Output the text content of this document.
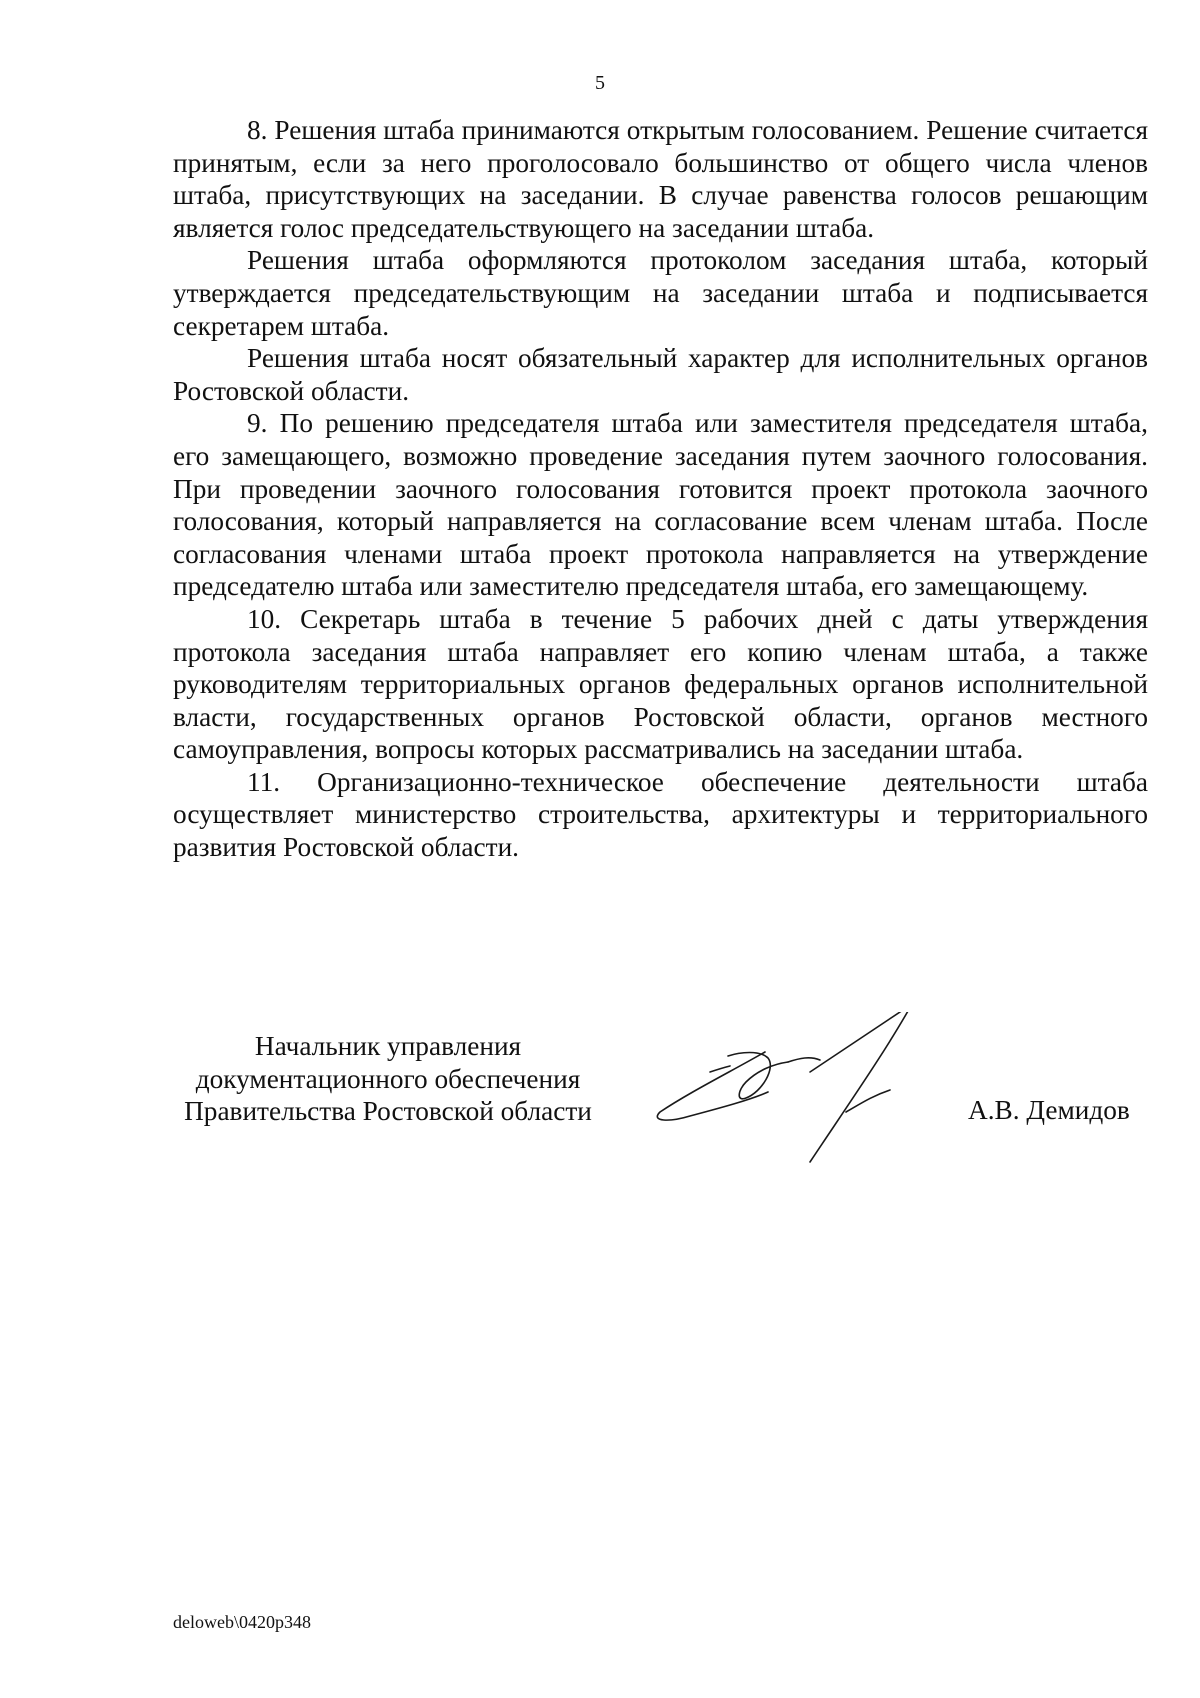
5

8. Решения штаба принимаются открытым голосованием. Решение считается принятым, если за него проголосовало большинство от общего числа членов штаба, присутствующих на заседании. В случае равенства голосов решающим является голос председательствующего на заседании штаба.

Решения штаба оформляются протоколом заседания штаба, который утверждается председательствующим на заседании штаба и подписывается секретарем штаба.

Решения штаба носят обязательный характер для исполнительных органов Ростовской области.

9. По решению председателя штаба или заместителя председателя штаба, его замещающего, возможно проведение заседания путем заочного голосования. При проведении заочного голосования готовится проект протокола заочного голосования, который направляется на согласование всем членам штаба. После согласования членами штаба проект протокола направляется на утверждение председателю штаба или заместителю председателя штаба, его замещающему.

10. Секретарь штаба в течение 5 рабочих дней с даты утверждения протокола заседания штаба направляет его копию членам штаба, а также руководителям территориальных органов федеральных органов исполнительной власти, государственных органов Ростовской области, органов местного самоуправления, вопросы которых рассматривались на заседании штаба.

11. Организационно-техническое обеспечение деятельности штаба осуществляет министерство строительства, архитектуры и территориального развития Ростовской области.

Начальник управления
документационного обеспечения
Правительства Ростовской области	А.В. Демидов
deloweb\0420p348
